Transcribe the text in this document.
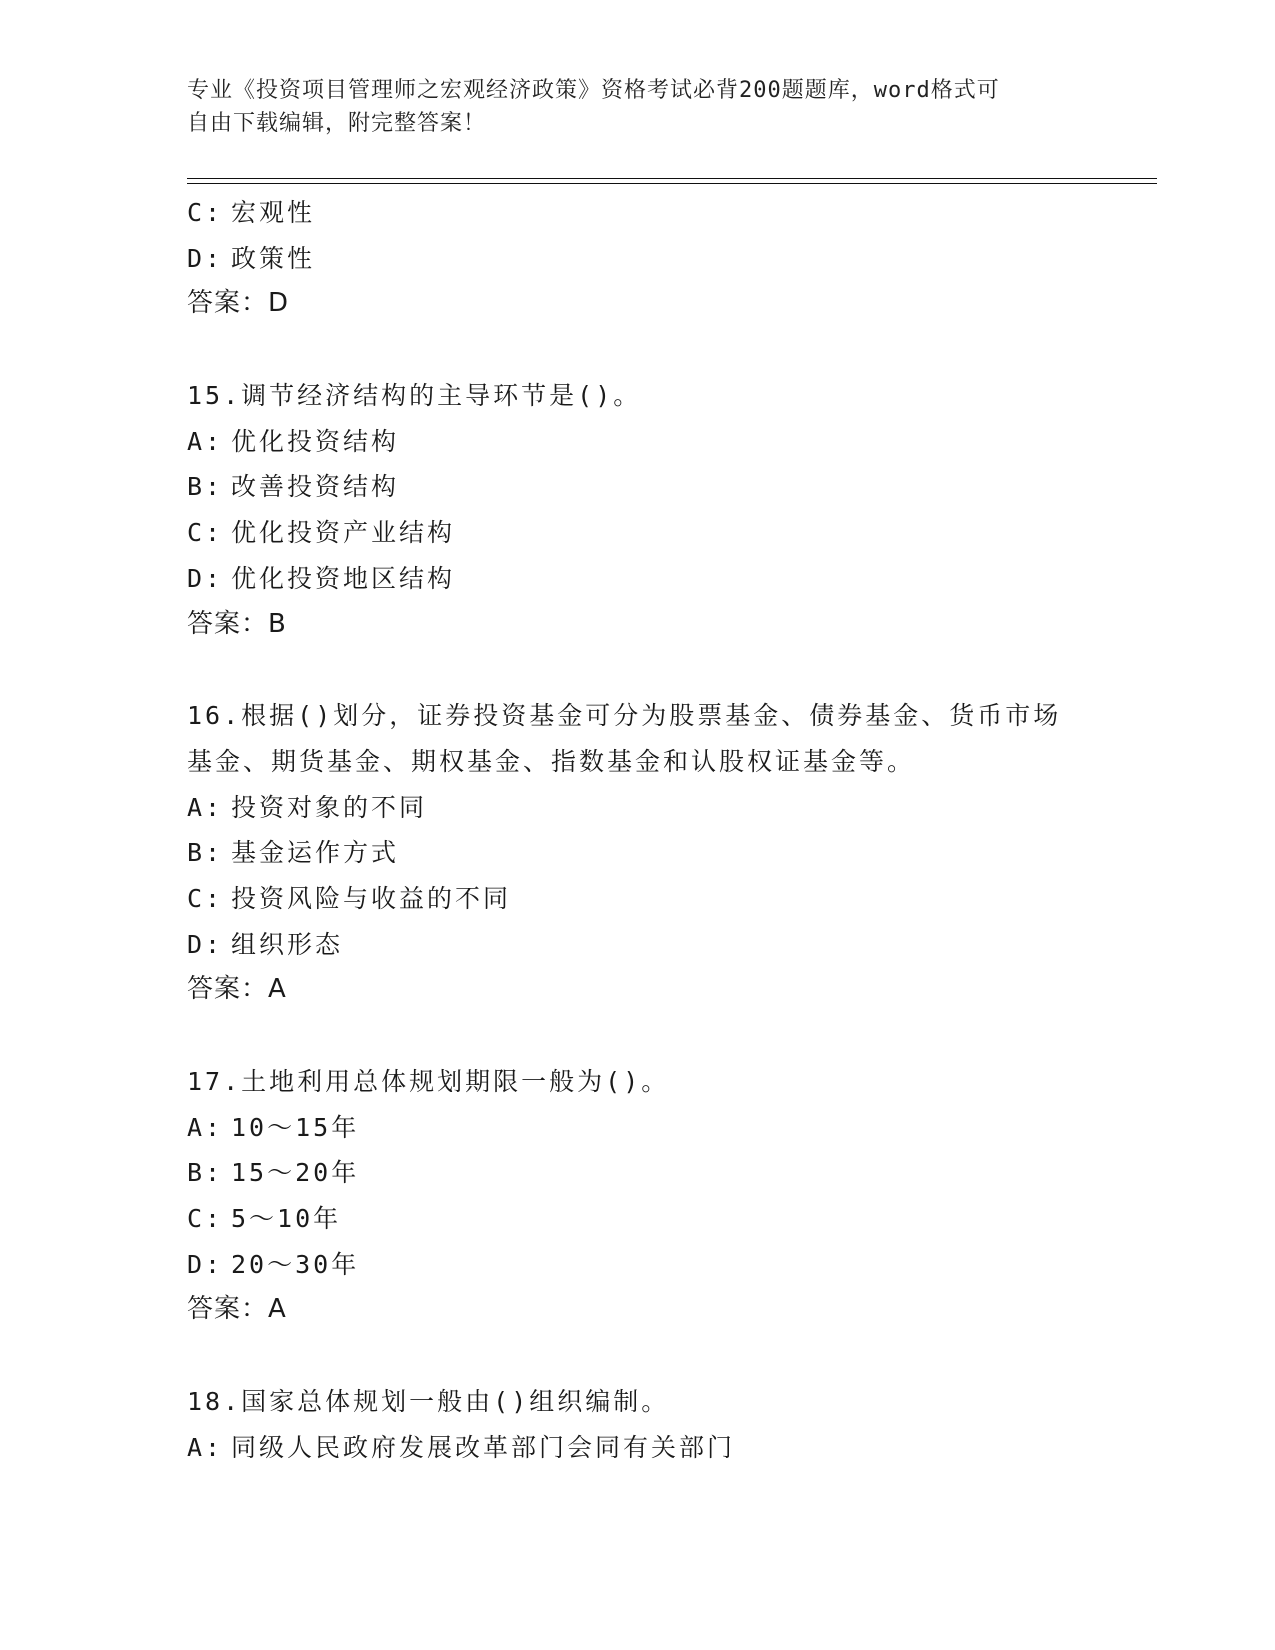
专业《投资项目管理师之宏观经济政策》资格考试必背200题题库，word格式可
自由下载编辑，附完整答案！
C: 宏观性
D: 政策性
答案：D
15.调节经济结构的主导环节是()。
A: 优化投资结构
B: 改善投资结构
C: 优化投资产业结构
D: 优化投资地区结构
答案：B
16.根据()划分，证券投资基金可分为股票基金、债券基金、货币市场
基金、期货基金、期权基金、指数基金和认股权证基金等。
A: 投资对象的不同
B: 基金运作方式
C: 投资风险与收益的不同
D: 组织形态
答案：A
17.土地利用总体规划期限一般为()。
A: 10～15年
B: 15～20年
C: 5～10年
D: 20～30年
答案：A
18.国家总体规划一般由()组织编制。
A: 同级人民政府发展改革部门会同有关部门
